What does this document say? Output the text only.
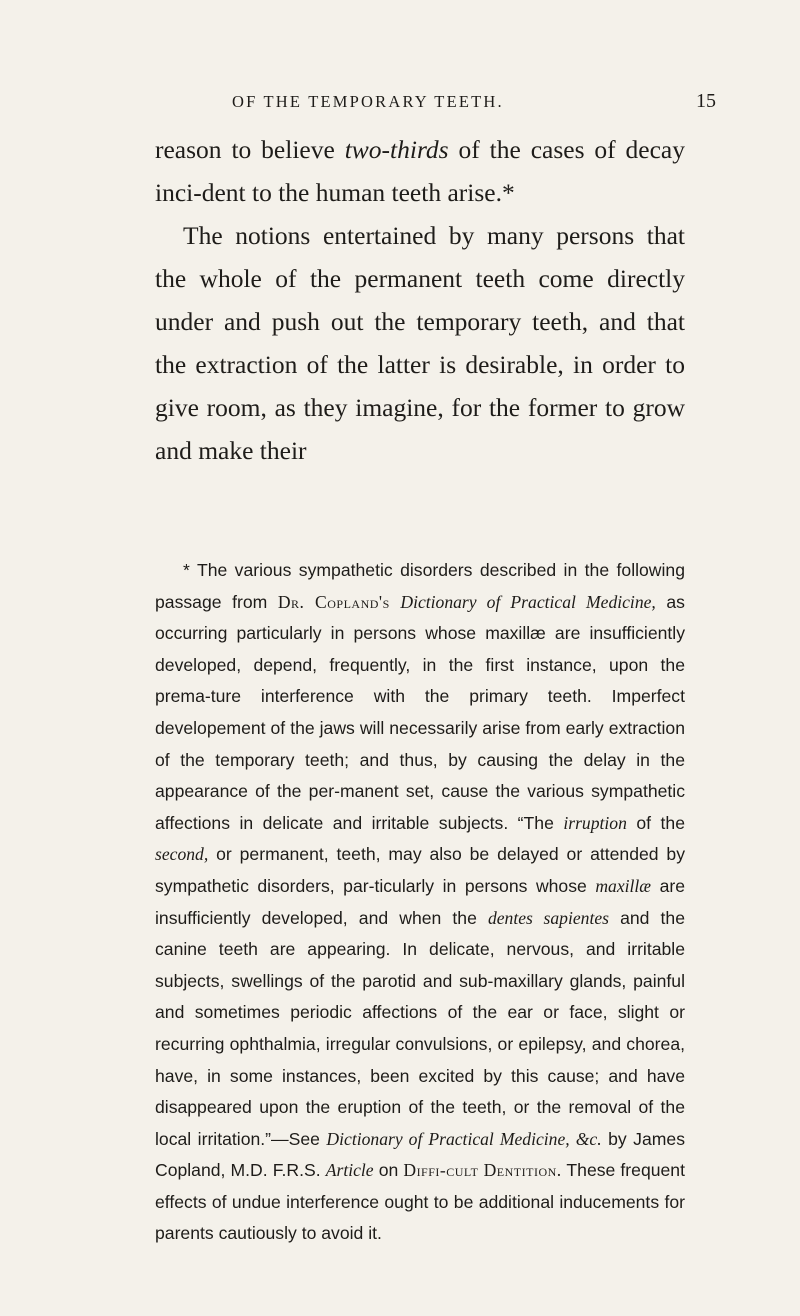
OF THE TEMPORARY TEETH.	15

reason to believe two-thirds of the cases of decay inci-dent to the human teeth arise.*

The notions entertained by many persons that the whole of the permanent teeth come directly under and push out the temporary teeth, and that the extraction of the latter is desirable, in order to give room, as they imagine, for the former to grow and make their

* The various sympathetic disorders described in the following passage from Dr. Copland's Dictionary of Practical Medicine, as occurring particularly in persons whose maxillæ are insufficiently developed, depend, frequently, in the first instance, upon the prema-ture interference with the primary teeth. Imperfect developement of the jaws will necessarily arise from early extraction of the temporary teeth; and thus, by causing the delay in the appearance of the per-manent set, cause the various sympathetic affections in delicate and irritable subjects. “The irruption of the second, or permanent, teeth, may also be delayed or attended by sympathetic disorders, par-ticularly in persons whose maxillæ are insufficiently developed, and when the dentes sapientes and the canine teeth are appearing. In delicate, nervous, and irritable subjects, swellings of the parotid and sub-maxillary glands, painful and sometimes periodic affections of the ear or face, slight or recurring ophthalmia, irregular convulsions, or epilepsy, and chorea, have, in some instances, been excited by this cause; and have disappeared upon the eruption of the teeth, or the removal of the local irritation.”—See Dictionary of Practical Medicine, &c. by James Copland, M.D. F.R.S. Article on Diffi-cult Dentition. These frequent effects of undue interference ought to be additional inducements for parents cautiously to avoid it.
